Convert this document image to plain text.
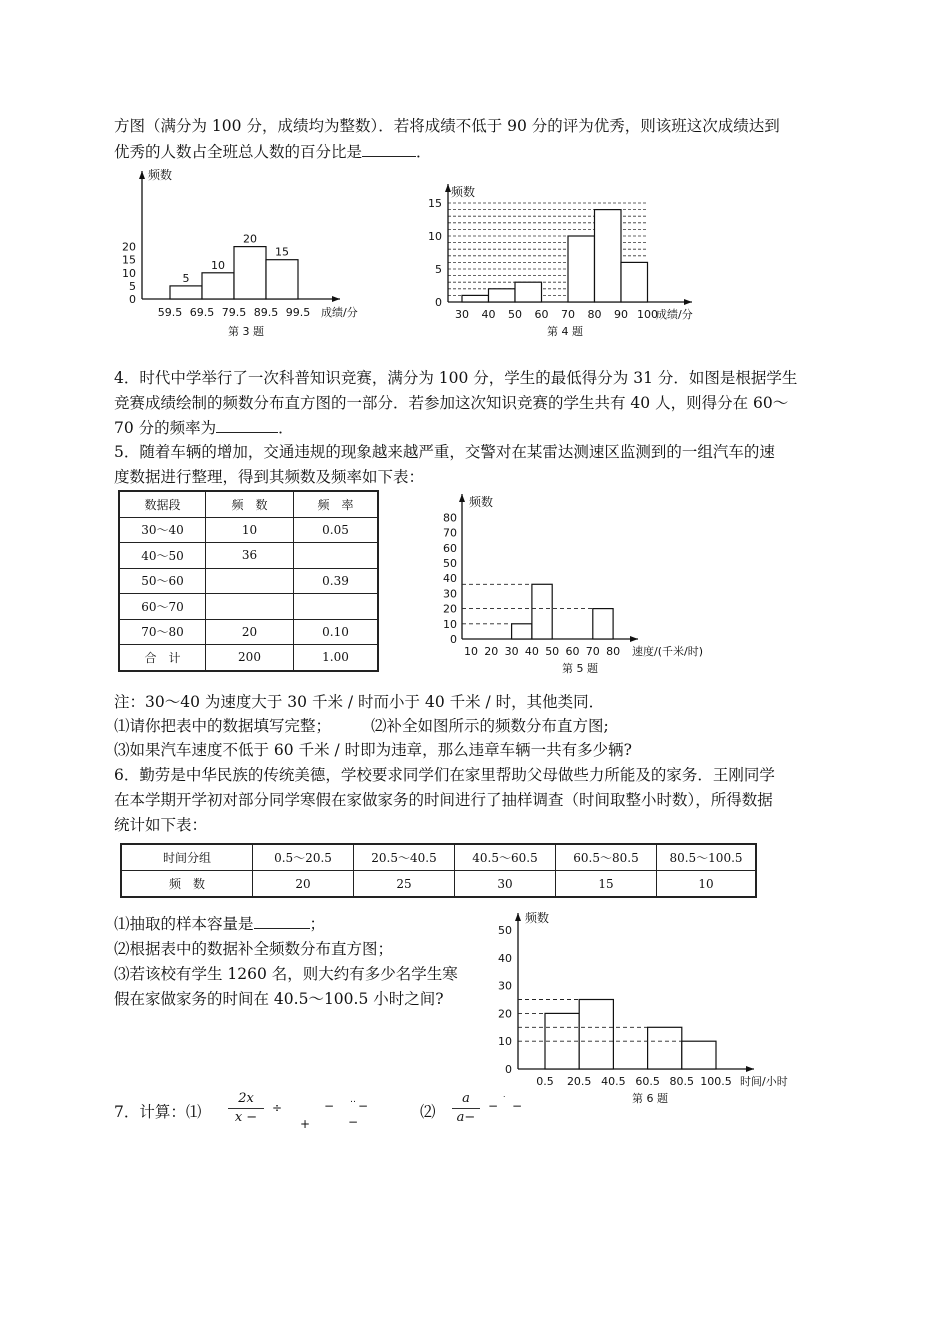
方图（满分为 100 分，成绩均为整数）．若将成绩不低于 90 分的评为优秀，则该班这次成绩达到
优秀的人数占全班总人数的百分比是	．
频数
0
5
10
15
20
5
10
20
15
59.5 69.5 79.5 89.5 99.5 成绩/分
第 3 题
频数
0
5
10
15
30 40 50 60 70 80 90 100
成绩/分
第 4 题
4．时代中学举行了一次科普知识竞赛，满分为 100 分，学生的最低得分为 31 分．如图是根据学生
竞赛成绩绘制的频数分布直方图的一部分．若参加这次知识竞赛的学生共有 40 人，则得分在 60～
70 分的频率为	．
5．随着车辆的增加，交通违规的现象越来越严重，交警对在某雷达测速区监测到的一组汽车的速
度数据进行整理，得到其频数及频率如下表：
数据段	频　数	频　率
30～40	10	0.05
40～50	36	
50～60		0.39
60～70		
70～80	20	0.10
合　计	200	1.00
频数
0
10
20
30
40
50
60
70
80
10 20 30 40 50 60 70 80 速度/(千米/时)
第 5 题
注：30～40 为速度大于 30 千米 / 时而小于 40 千米 / 时，其他类同．
⑴请你把表中的数据填写完整；	⑵补全如图所示的频数分布直方图;
⑶如果汽车速度不低于 60 千米 / 时即为违章，那么违章车辆一共有多少辆?
6．勤劳是中华民族的传统美德，学校要求同学们在家里帮助父母做些力所能及的家务．王刚同学
在本学期开学初对部分同学寒假在家做家务的时间进行了抽样调查（时间取整小时数），所得数据
统计如下表：
时间分组	0.5～20.5	20.5～40.5	40.5～60.5	60.5～80.5	80.5～100.5
频　数	20	25	30	15	10
⑴抽取的样本容量是	；
⑵根据表中的数据补全频数分布直方图；
⑶若该校有学生 1260 名，则大约有多少名学生寒
假在家做家务的时间在 40.5～100.5 小时之间?
频数
0
10
20
30
40
50
0.5 20.5 40.5 60.5 80.5 100.5 时间/小时
第 6 题
7．计算：⑴	$\frac{2x}{x -}$ ÷	− ‥ −
+	−
⑵	$\frac{a}{a-}$ − ˙ −
